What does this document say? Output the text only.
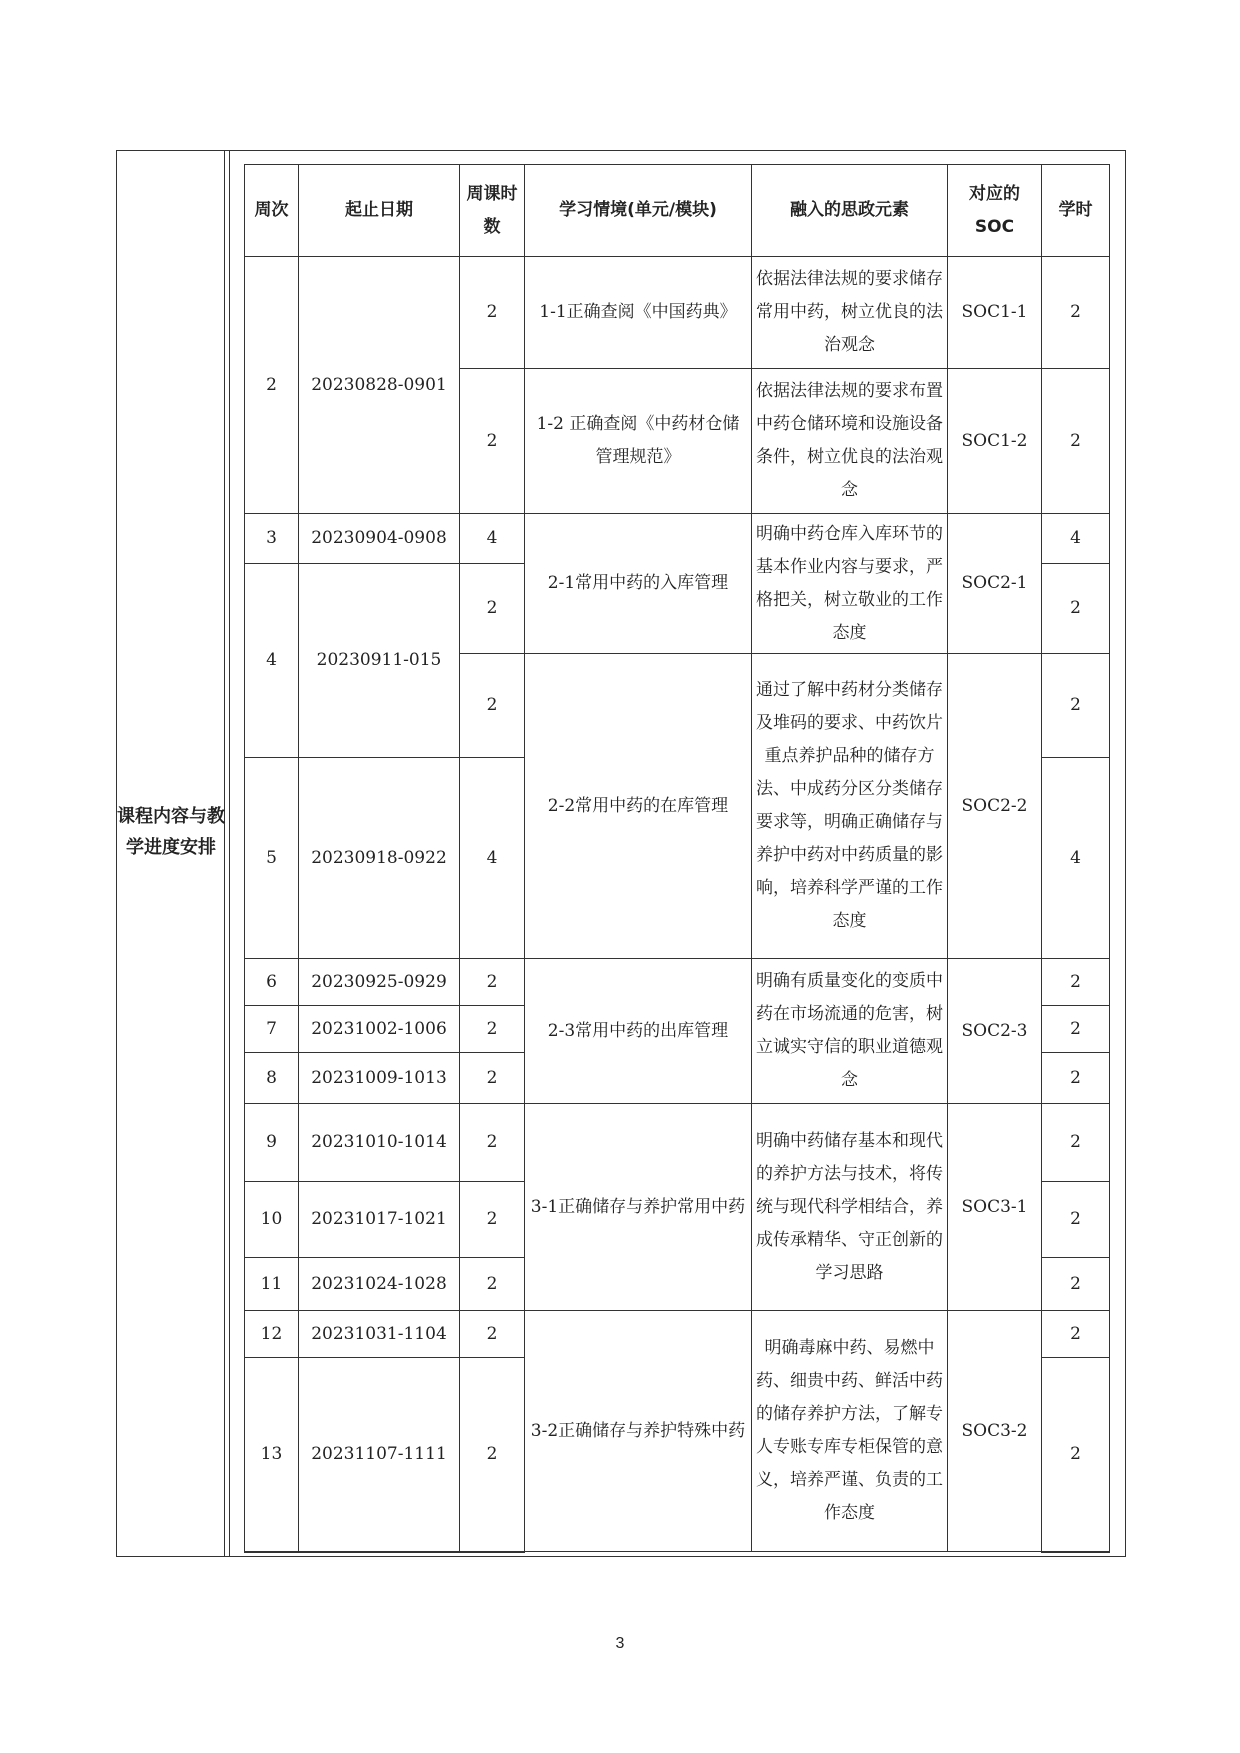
课程内容与教学进度安排
周次	起止日期	周课时数	学习情境(单元/模块)	融入的思政元素	对应的SOC	学时
2	20230828-0901	2	1-1正确查阅《中国药典》	依据法律法规的要求储存常用中药，树立优良的法治观念	SOC1-1	2
		2	1-2 正确查阅《中药材仓储管理规范》	依据法律法规的要求布置中药仓储环境和设施设备条件，树立优良的法治观念	SOC1-2	2
3	20230904-0908	4	2-1常用中药的入库管理	明确中药仓库入库环节的基本作业内容与要求，严格把关，树立敬业的工作态度	SOC2-1	4
4	20230911-015	2				2
		2	2-2常用中药的在库管理	通过了解中药材分类储存及堆码的要求、中药饮片重点养护品种的储存方法、中成药分区分类储存要求等，明确正确储存与养护中药对中药质量的影响，培养科学严谨的工作态度	SOC2-2	2
5	20230918-0922	4				4
6	20230925-0929	2	2-3常用中药的出库管理	明确有质量变化的变质中药在市场流通的危害，树立诚实守信的职业道德观念	SOC2-3	2
7	20231002-1006	2				2
8	20231009-1013	2				2
9	20231010-1014	2	3-1正确储存与养护常用中药	明确中药储存基本和现代的养护方法与技术，将传统与现代科学相结合，养成传承精华、守正创新的学习思路	SOC3-1	2
10	20231017-1021	2				2
11	20231024-1028	2				2
12	20231031-1104	2	3-2正确储存与养护特殊中药	明确毒麻中药、易燃中药、细贵中药、鲜活中药的储存养护方法，了解专人专账专库专柜保管的意义，培养严谨、负责的工作态度	SOC3-2	2
13	20231107-1111	2				2
3
